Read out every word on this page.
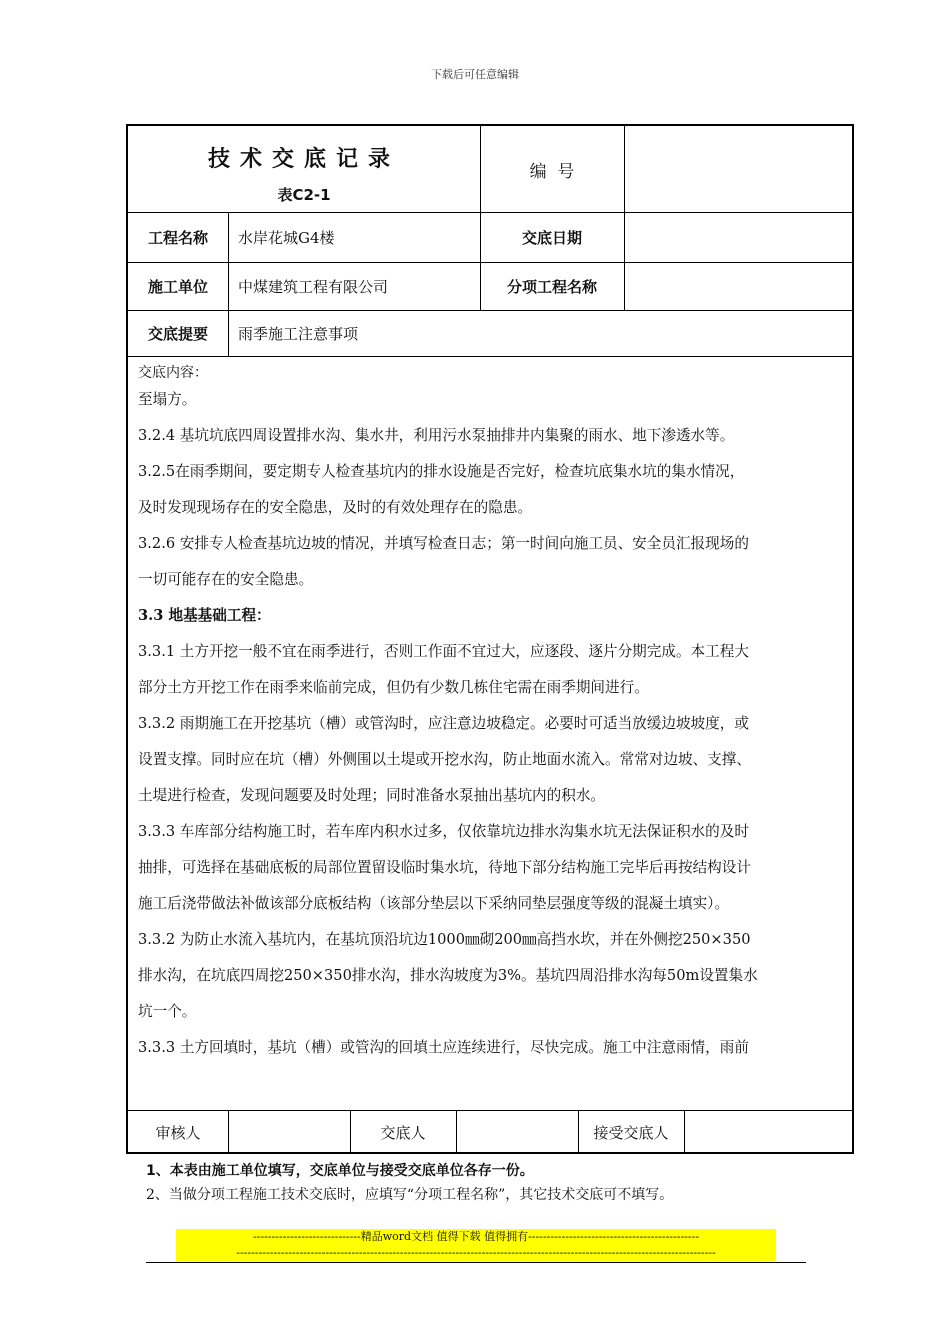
下载后可任意编辑
技术交底记录
表C2-1
编  号
工程名称	水岸花城G4楼	交底日期
施工单位	中煤建筑工程有限公司	分项工程名称
交底提要	雨季施工注意事项
交底内容：
至塌方。
3.2.4 基坑坑底四周设置排水沟、集水井，利用污水泵抽排井内集聚的雨水、地下渗透水等。
3.2.5在雨季期间，要定期专人检查基坑内的排水设施是否完好，检查坑底集水坑的集水情况，
及时发现现场存在的安全隐患，及时的有效处理存在的隐患。
3.2.6 安排专人检查基坑边坡的情况，并填写检查日志；第一时间向施工员、安全员汇报现场的
一切可能存在的安全隐患。
3.3 地基基础工程：
3.3.1 土方开挖一般不宜在雨季进行，否则工作面不宜过大，应逐段、逐片分期完成。本工程大
部分土方开挖工作在雨季来临前完成，但仍有少数几栋住宅需在雨季期间进行。
3.3.2 雨期施工在开挖基坑（槽）或管沟时，应注意边坡稳定。必要时可适当放缓边坡坡度，或
设置支撑。同时应在坑（槽）外侧围以土堤或开挖水沟，防止地面水流入。常常对边坡、支撑、
土堤进行检查，发现问题要及时处理；同时准备水泵抽出基坑内的积水。
3.3.3 车库部分结构施工时，若车库内积水过多，仅依靠坑边排水沟集水坑无法保证积水的及时
抽排，可选择在基础底板的局部位置留设临时集水坑，待地下部分结构施工完毕后再按结构设计
施工后浇带做法补做该部分底板结构（该部分垫层以下采纳同垫层强度等级的混凝土填实）。
3.3.2 为防止水流入基坑内，在基坑顶沿坑边1000㎜砌200㎜高挡水坎，并在外侧挖250×350
排水沟，在坑底四周挖250×350排水沟，排水沟坡度为3%。基坑四周沿排水沟每50m设置集水
坑一个。
3.3.3 土方回填时，基坑（槽）或管沟的回填土应连续进行，尽快完成。施工中注意雨情，雨前
审核人	交底人	接受交底人
1、本表由施工单位填写，交底单位与接受交底单位各存一份。
2、当做分项工程施工技术交底时，应填写“分项工程名称”，其它技术交底可不填写。
-----------------------------精品word文档 值得下载 值得拥有----------------------------------------------
---------------------------------------------------------------------------------------------------------------------------------
